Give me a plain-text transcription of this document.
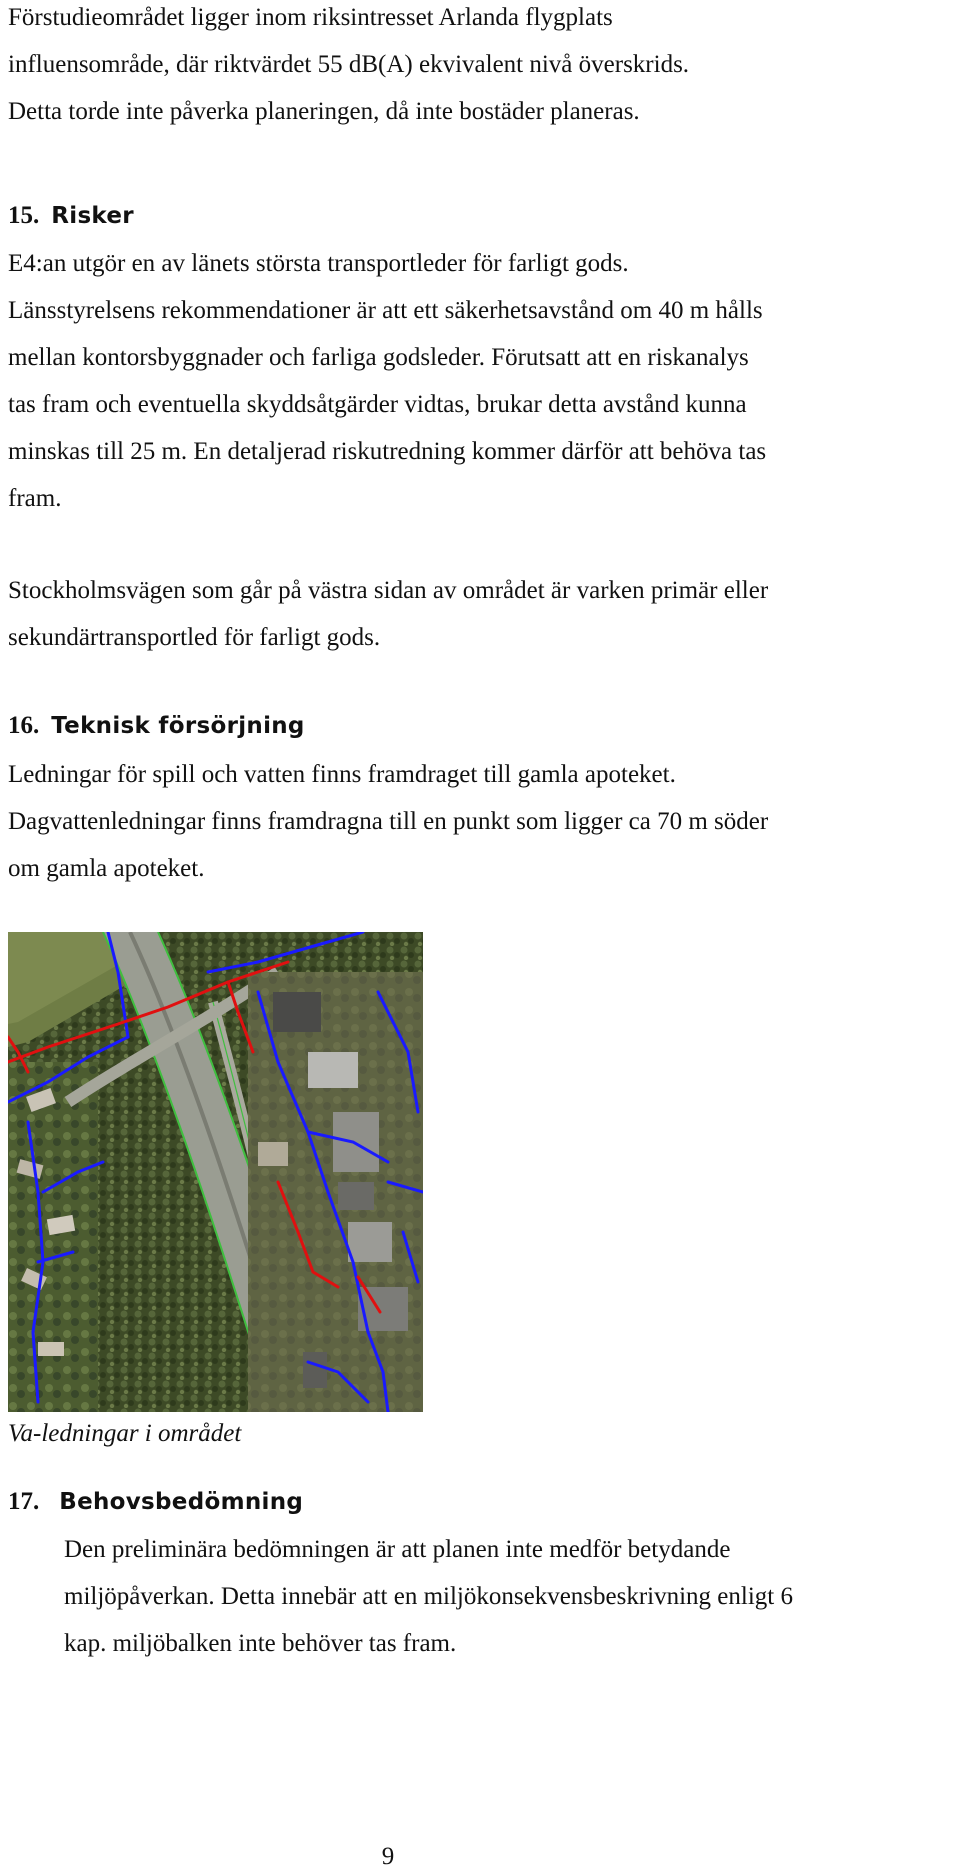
Förstudieområdet ligger inom riksintresset Arlanda flygplats
influensområde, där riktvärdet 55 dB(A) ekvivalent nivå överskrids.
Detta torde inte påverka planeringen, då inte bostäder planeras.
15. Risker
E4:an utgör en av länets största transportleder för farligt gods.
Länsstyrelsens rekommendationer är att ett säkerhetsavstånd om 40 m hålls
mellan kontorsbyggnader och farliga godsleder. Förutsatt att en riskanalys
tas fram och eventuella skyddsåtgärder vidtas, brukar detta avstånd kunna
minskas till 25 m. En detaljerad riskutredning kommer därför att behöva tas
fram.
Stockholmsvägen som går på västra sidan av området är varken primär eller
sekundärtransportled för farligt gods.
16. Teknisk försörjning
Ledningar för spill och vatten finns framdraget till gamla apoteket.
Dagvattenledningar finns framdragna till en punkt som ligger ca 70 m söder
om gamla apoteket.
Va-ledningar i området
17. Behovsbedömning
Den preliminära bedömningen är att planen inte medför betydande
miljöpåverkan. Detta innebär att en miljökonsekvensbeskrivning enligt 6
kap. miljöbalken inte behöver tas fram.
9
